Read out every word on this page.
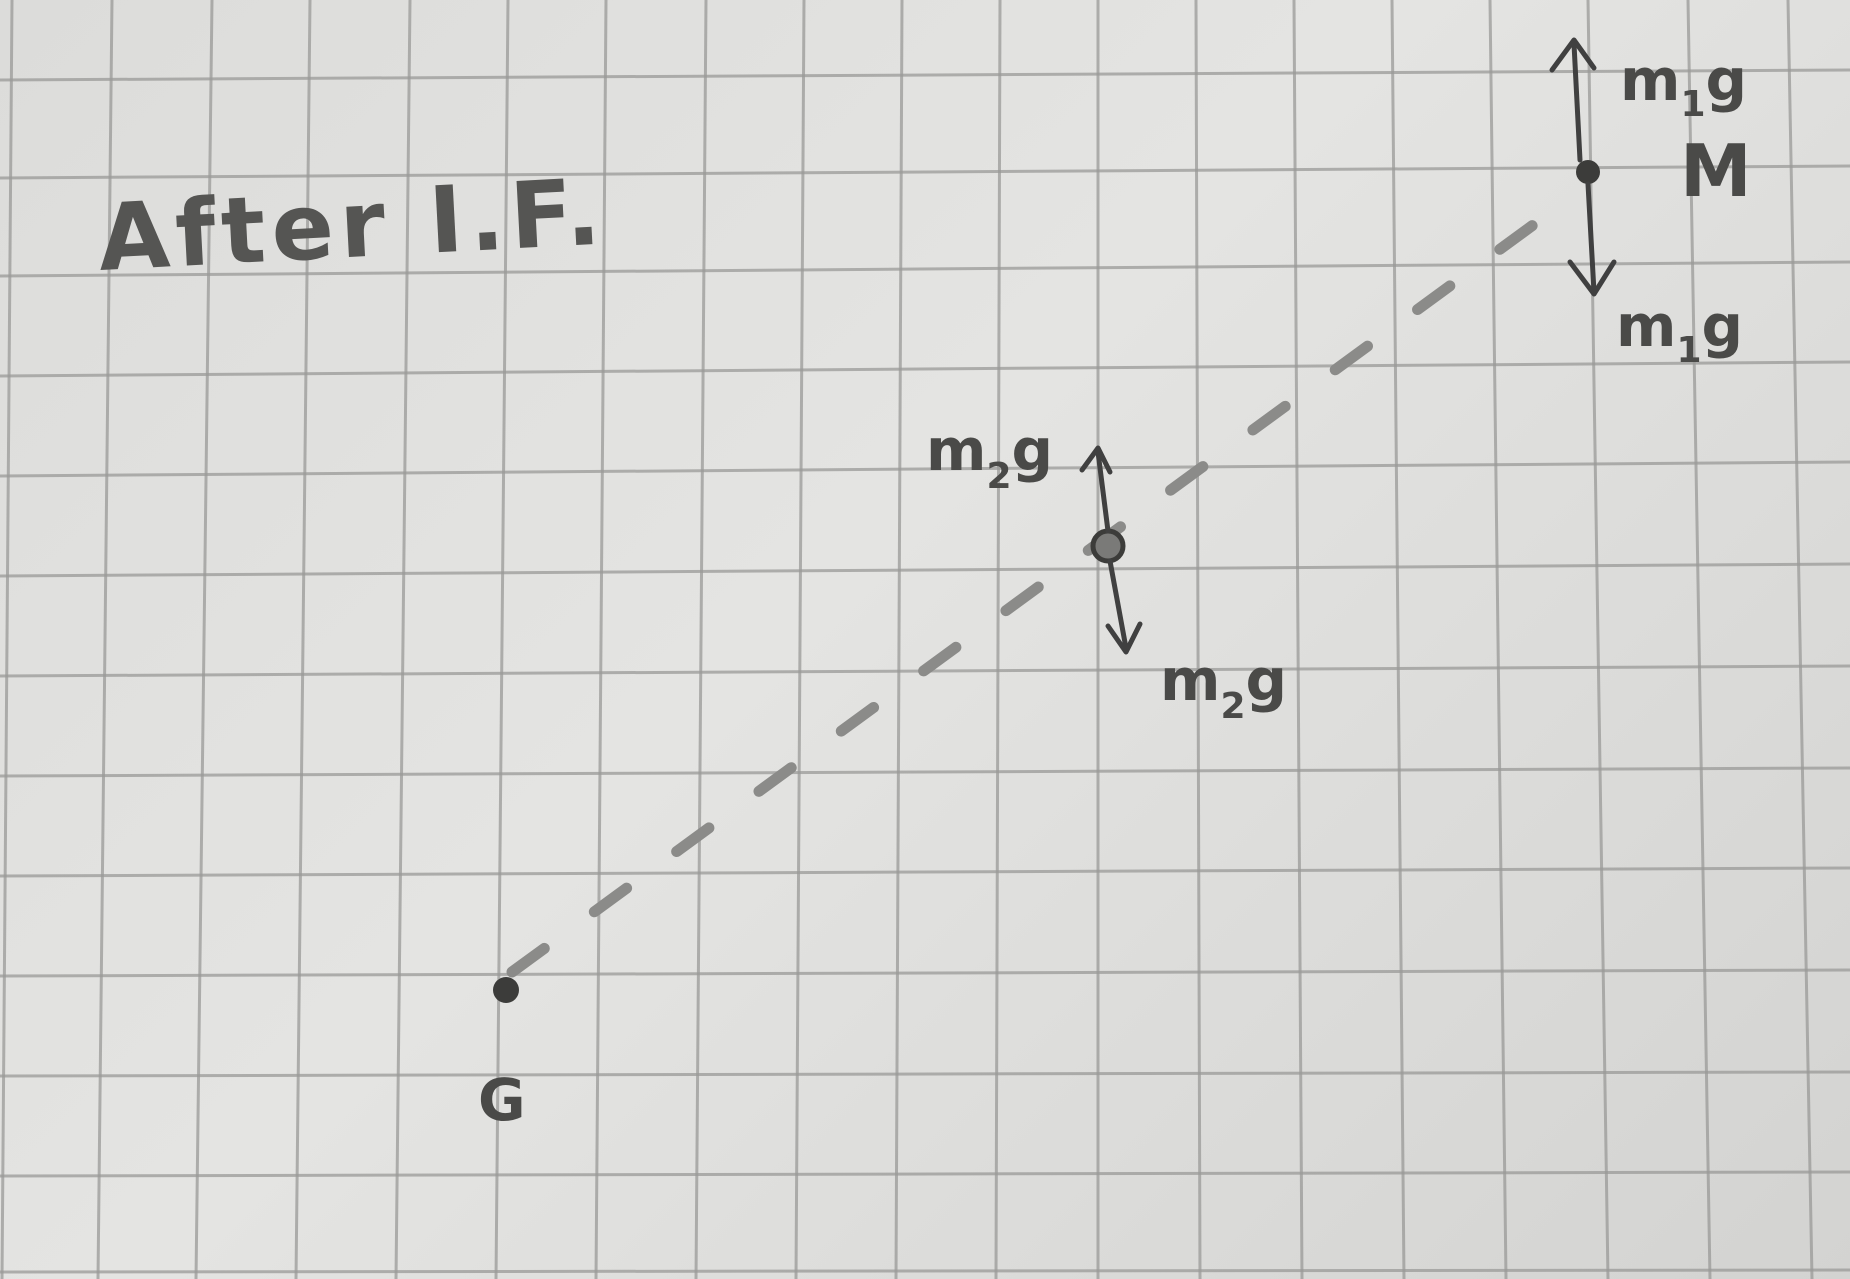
After I.F.
G
$m_2g$
$m_2g$
$m_1g$
M
$m_1g$
